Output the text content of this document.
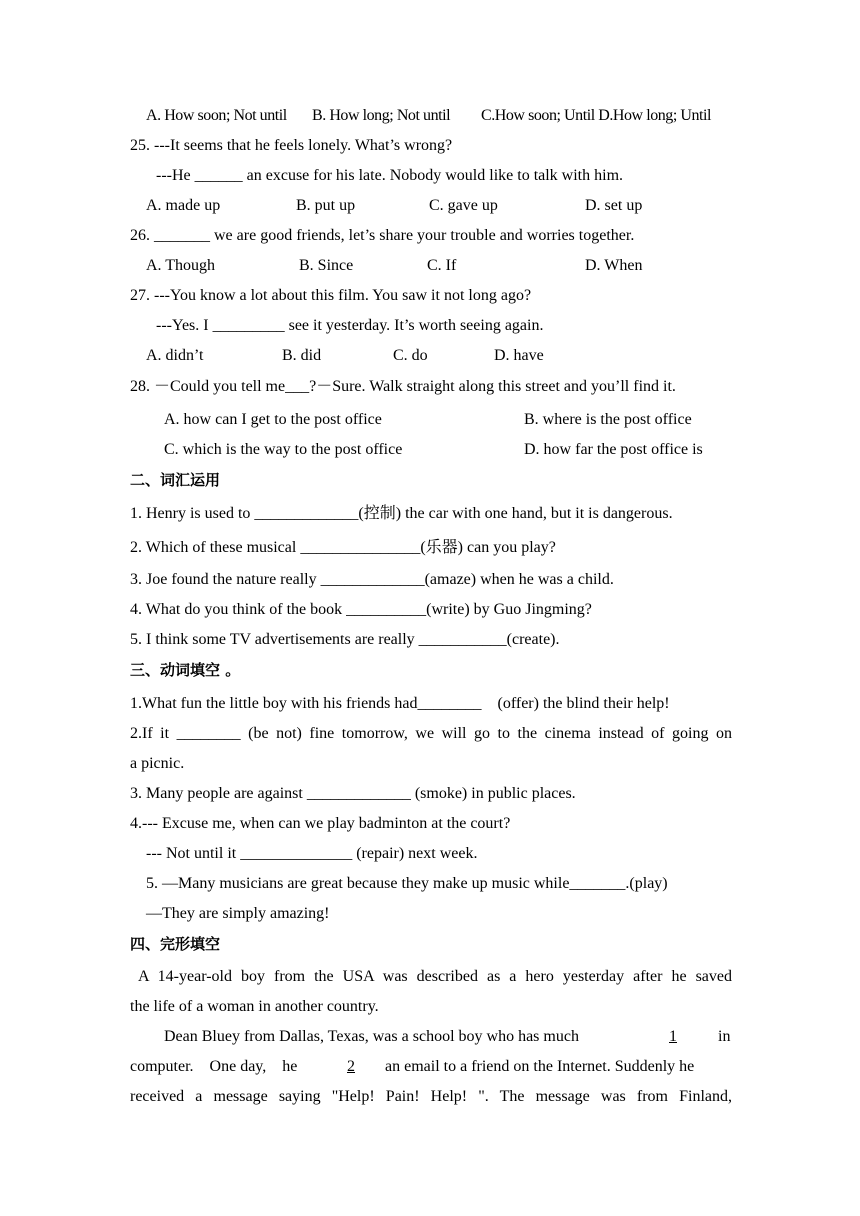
A. How soon; Not until B. How long; Not until C.How soon; Until D.How long; Until
25. ---It seems that he feels lonely. What’s wrong?
---He ______ an excuse for his late. Nobody would like to talk with him.
A. made up	B. put up	C. gave up	D. set up
26. _______ we are good friends, let’s share your trouble and worries together.
A. Though	B. Since	C. If	D. When
27. ---You know a lot about this film. You saw it not long ago?
---Yes. I _________ see it yesterday. It’s worth seeing again.
A. didn’t	B. did	C. do	D. have
28. －Could you tell me___?－Sure. Walk straight along this street and you’ll find it.
A. how can I get to the post office	B. where is the post office
C. which is the way to the post office	D. how far the post office is
二、词汇运用
1. Henry is used to _____________(控制) the car with one hand, but it is dangerous.
2. Which of these musical _______________(乐器) can you play?
3. Joe found the nature really _____________(amaze) when he was a child.
4. What do you think of the book __________(write) by Guo Jingming?
5. I think some TV advertisements are really ___________(create).
三、动词填空 。
1.What fun the little boy with his friends had________    (offer) the blind their help!
2.If it ________ (be not) fine tomorrow, we will go to the cinema instead of going on
a picnic.
3. Many people are against _____________ (smoke) in public places.
4.--- Excuse me, when can we play badminton at the court?
--- Not until it ______________ (repair) next week.
5. —Many musicians are great because they make up music while_______.(play)
—They are simply amazing!
四、完形填空
A 14-year-old boy from the USA was described as a hero yesterday after he saved
the life of a woman in another country.
Dean Bluey from Dallas, Texas, was a school boy who has much	1	in
computer.    One day,    he	2	an email to a friend on the Internet. Suddenly he
received a message saying "Help! Pain! Help! ". The message was from Finland,
